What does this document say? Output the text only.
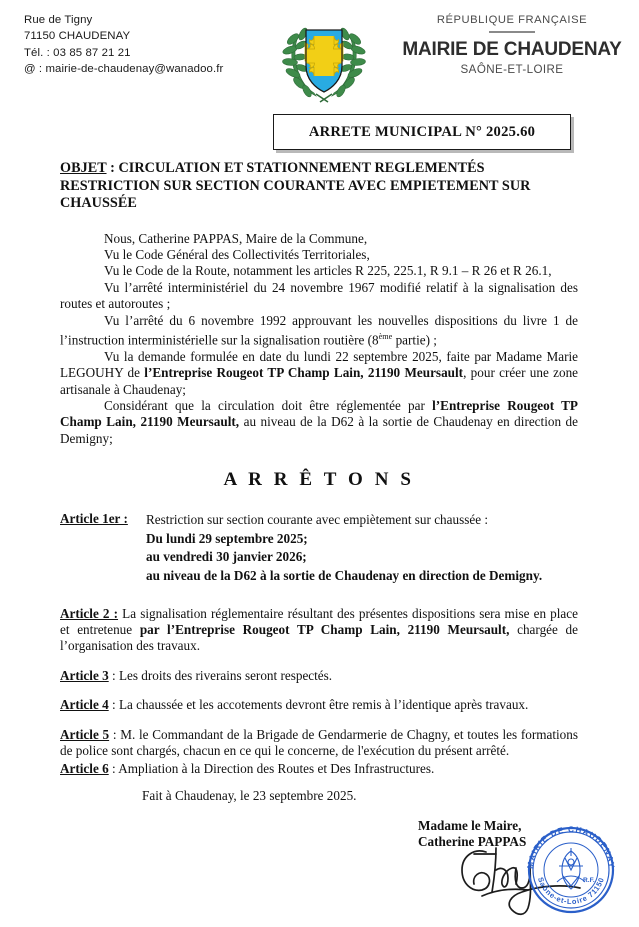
Rue de Tigny
71150 CHAUDENAY
Tél. : 03 85 87 21 21
@ : mairie-de-chaudenay@wanadoo.fr
RÉPUBLIQUE FRANÇAISE
MAIRIE DE CHAUDENAY
SAÔNE-ET-LOIRE
ARRETE MUNICIPAL N° 2025.60
OBJET : CIRCULATION ET STATIONNEMENT REGLEMENTÉS
RESTRICTION SUR SECTION COURANTE AVEC EMPIETEMENT SUR
CHAUSSÉE

Nous, Catherine PAPPAS, Maire de la Commune,

Vu le Code Général des Collectivités Territoriales,

Vu le Code de la Route, notamment les articles R 225, 225.1, R 9.1 – R 26 et R 26.1,

Vu l’arrêté interministériel du 24 novembre 1967 modifié relatif à la signalisation des routes et autoroutes ;

Vu l’arrêté du 6 novembre 1992 approuvant les nouvelles dispositions du livre 1 de l’instruction interministérielle sur la signalisation routière (8ème partie) ;

Vu la demande formulée en date du lundi 22 septembre 2025, faite par Madame Marie LEGOUHY de l’Entreprise Rougeot TP Champ Lain, 21190 Meursault, pour créer une zone artisanale à Chaudenay;

Considérant que la circulation doit être réglementée par l’Entreprise Rougeot TP Champ Lain, 21190 Meursault, au niveau de la D62 à la sortie de Chaudenay en direction de Demigny;

A R R Ê T O N S
Article 1er : Restriction sur section courante avec empiètement sur chaussée :
Du lundi 29 septembre 2025;
au vendredi 30 janvier 2026;
au niveau de la D62 à la sortie de Chaudenay en direction de Demigny.

Article 2 : La signalisation réglementaire résultant des présentes dispositions sera mise en place et entretenue par l’Entreprise Rougeot TP Champ Lain, 21190 Meursault, chargée de l’organisation des travaux.

Article 3 : Les droits des riverains seront respectés.

Article 4 : La chaussée et les accotements devront être remis à l’identique après travaux.

Article 5 : M. le Commandant de la Brigade de Gendarmerie de Chagny, et toutes les formations de police sont chargés, chacun en ce qui le concerne, de l'exécution du présent arrêté.

Article 6 : Ampliation à la Direction des Routes et Des Infrastructures.

Fait à Chaudenay, le 23 septembre 2025.
Madame le Maire,
Catherine PAPPAS
MAIRIE DE CHAUDENAY
Saône-et-Loire 71150
R.F.
